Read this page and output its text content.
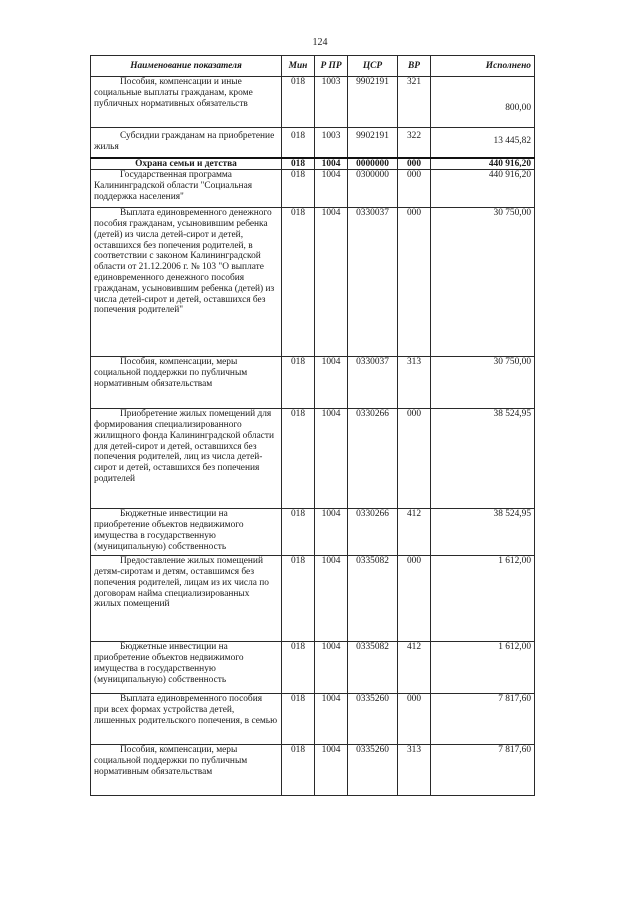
124
Наименование показателя	Мин	Р ПР	ЦСР	ВР	Исполнено
Пособия, компенсации и иные социальные выплаты гражданам, кроме публичных нормативных обязательств	018	1003	9902191	321	800,00
Субсидии гражданам на приобретение жилья	018	1003	9902191	322	13 445,82
Охрана семьи и детства	018	1004	0000000	000	440 916,20
Государственная программа Калининградской области "Социальная поддержка населения"	018	1004	0300000	000	440 916,20
Выплата единовременного денежного пособия гражданам, усыновившим ребенка (детей) из числа детей-сирот и детей, оставшихся без попечения родителей, в соответствии с законом Калининградской области от 21.12.2006 г. № 103 "О выплате единовременного денежного пособия гражданам, усыновившим ребенка (детей) из числа детей-сирот и детей, оставшихся без попечения родителей"	018	1004	0330037	000	30 750,00
Пособия, компенсации, меры социальной поддержки по публичным нормативным обязательствам	018	1004	0330037	313	30 750,00
Приобретение жилых помещений для формирования специализированного жилищного фонда Калининградской области для детей-сирот и детей, оставшихся без попечения родителей, лиц из числа детей-сирот и детей, оставшихся без попечения родителей	018	1004	0330266	000	38 524,95
Бюджетные инвестиции на приобретение объектов недвижимого имущества в государственную (муниципальную) собственность	018	1004	0330266	412	38 524,95
Предоставление жилых помещений детям-сиротам и детям, оставшимся без попечения родителей, лицам из их числа по договорам найма специализированных жилых помещений	018	1004	0335082	000	1 612,00
Бюджетные инвестиции на приобретение объектов недвижимого имущества в государственную (муниципальную) собственность	018	1004	0335082	412	1 612,00
Выплата единовременного пособия при всех формах устройства детей, лишенных родительского попечения, в семью	018	1004	0335260	000	7 817,60
Пособия, компенсации, меры социальной поддержки по публичным нормативным обязательствам	018	1004	0335260	313	7 817,60
